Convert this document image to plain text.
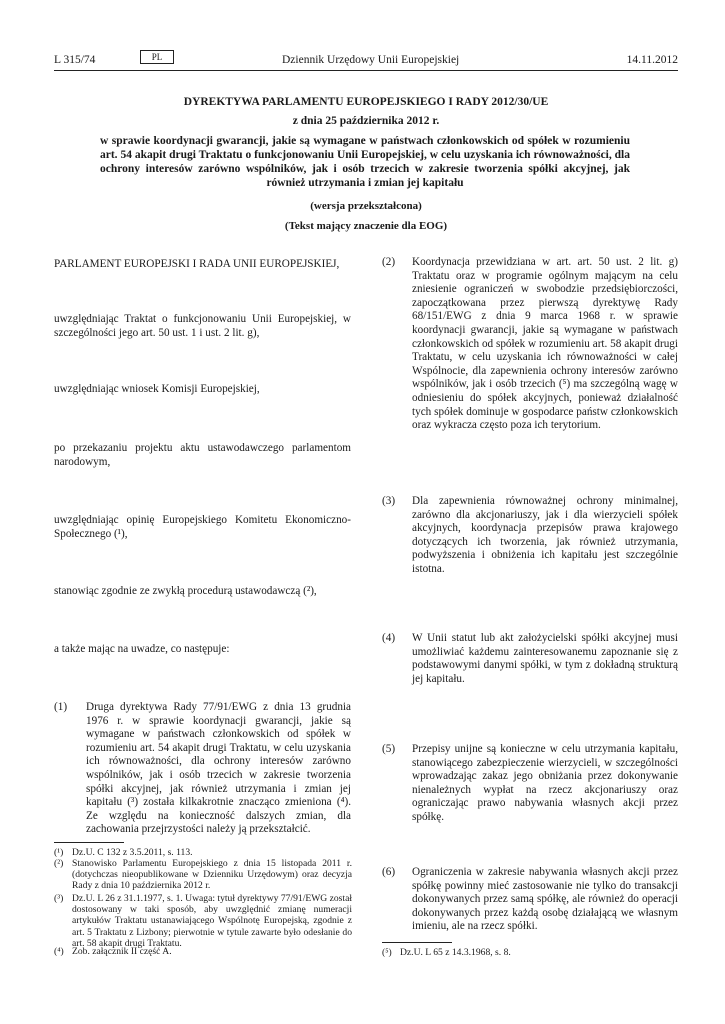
L 315/74	PL	Dziennik Urzędowy Unii Europejskiej	14.11.2012
DYREKTYWA PARLAMENTU EUROPEJSKIEGO I RADY 2012/30/UE
z dnia 25 października 2012 r.
w sprawie koordynacji gwarancji, jakie są wymagane w państwach członkowskich od spółek w rozumieniu art. 54 akapit drugi Traktatu o funkcjonowaniu Unii Europejskiej, w celu uzyskania ich równoważności, dla ochrony interesów zarówno wspólników, jak i osób trzecich w zakresie tworzenia spółki akcyjnej, jak również utrzymania i zmian jej kapitału
(wersja przekształcona)
(Tekst mający znaczenie dla EOG)
PARLAMENT EUROPEJSKI I RADA UNII EUROPEJSKIEJ,
uwzględniając Traktat o funkcjonowaniu Unii Europejskiej, w szczególności jego art. 50 ust. 1 i ust. 2 lit. g),
uwzględniając wniosek Komisji Europejskiej,
po przekazaniu projektu aktu ustawodawczego parlamentom narodowym,
uwzględniając opinię Europejskiego Komitetu Ekonomiczno-Społecznego (¹),
stanowiąc zgodnie ze zwykłą procedurą ustawodawczą (²),
a także mając na uwadze, co następuje:
(1) Druga dyrektywa Rady 77/91/EWG z dnia 13 grudnia 1976 r. w sprawie koordynacji gwarancji, jakie są wymagane w państwach członkowskich od spółek w rozumieniu art. 54 akapit drugi Traktatu, w celu uzyskania ich równoważności, dla ochrony interesów zarówno wspólników, jak i osób trzecich w zakresie tworzenia spółki akcyjnej, jak również utrzymania i zmian jej kapitału (³) została kilkakrotnie znacząco zmieniona (⁴). Ze względu na konieczność dalszych zmian, dla zachowania przejrzystości należy ją przekształcić.
(¹) Dz.U. C 132 z 3.5.2011, s. 113.
(²) Stanowisko Parlamentu Europejskiego z dnia 15 listopada 2011 r. (dotychczas nieopublikowane w Dzienniku Urzędowym) oraz decyzja Rady z dnia 10 października 2012 r.
(³) Dz.U. L 26 z 31.1.1977, s. 1. Uwaga: tytuł dyrektywy 77/91/EWG został dostosowany w taki sposób, aby uwzględnić zmianę numeracji artykułów Traktatu ustanawiającego Wspólnotę Europejską, zgodnie z art. 5 Traktatu z Lizbony; pierwotnie w tytule zawarte było odesłanie do art. 58 akapit drugi Traktatu.
(⁴) Zob. załącznik II część A.
(2) Koordynacja przewidziana w art. art. 50 ust. 2 lit. g) Traktatu oraz w programie ogólnym mającym na celu zniesienie ograniczeń w swobodzie przedsiębiorczości, zapoczątkowana przez pierwszą dyrektywę Rady 68/151/EWG z dnia 9 marca 1968 r. w sprawie koordynacji gwarancji, jakie są wymagane w państwach członkowskich od spółek w rozumieniu art. 58 akapit drugi Traktatu, w celu uzyskania ich równoważności w całej Wspólnocie, dla zapewnienia ochrony interesów zarówno wspólników, jak i osób trzecich (⁵) ma szczególną wagę w odniesieniu do spółek akcyjnych, ponieważ działalność tych spółek dominuje w gospodarce państw członkowskich oraz wykracza często poza ich terytorium.
(3) Dla zapewnienia równoważnej ochrony minimalnej, zarówno dla akcjonariuszy, jak i dla wierzycieli spółek akcyjnych, koordynacja przepisów prawa krajowego dotyczących ich tworzenia, jak również utrzymania, podwyższenia i obniżenia ich kapitału jest szczególnie istotna.
(4) W Unii statut lub akt założycielski spółki akcyjnej musi umożliwiać każdemu zainteresowanemu zapoznanie się z podstawowymi danymi spółki, w tym z dokładną strukturą jej kapitału.
(5) Przepisy unijne są konieczne w celu utrzymania kapitału, stanowiącego zabezpieczenie wierzycieli, w szczególności wprowadzając zakaz jego obniżania przez dokonywanie nienależnych wypłat na rzecz akcjonariuszy oraz ograniczając prawo nabywania własnych akcji przez spółkę.
(6) Ograniczenia w zakresie nabywania własnych akcji przez spółkę powinny mieć zastosowanie nie tylko do transakcji dokonywanych przez samą spółkę, ale również do operacji dokonywanych przez każdą osobę działającą we własnym imieniu, ale na rzecz spółki.
(⁵) Dz.U. L 65 z 14.3.1968, s. 8.
